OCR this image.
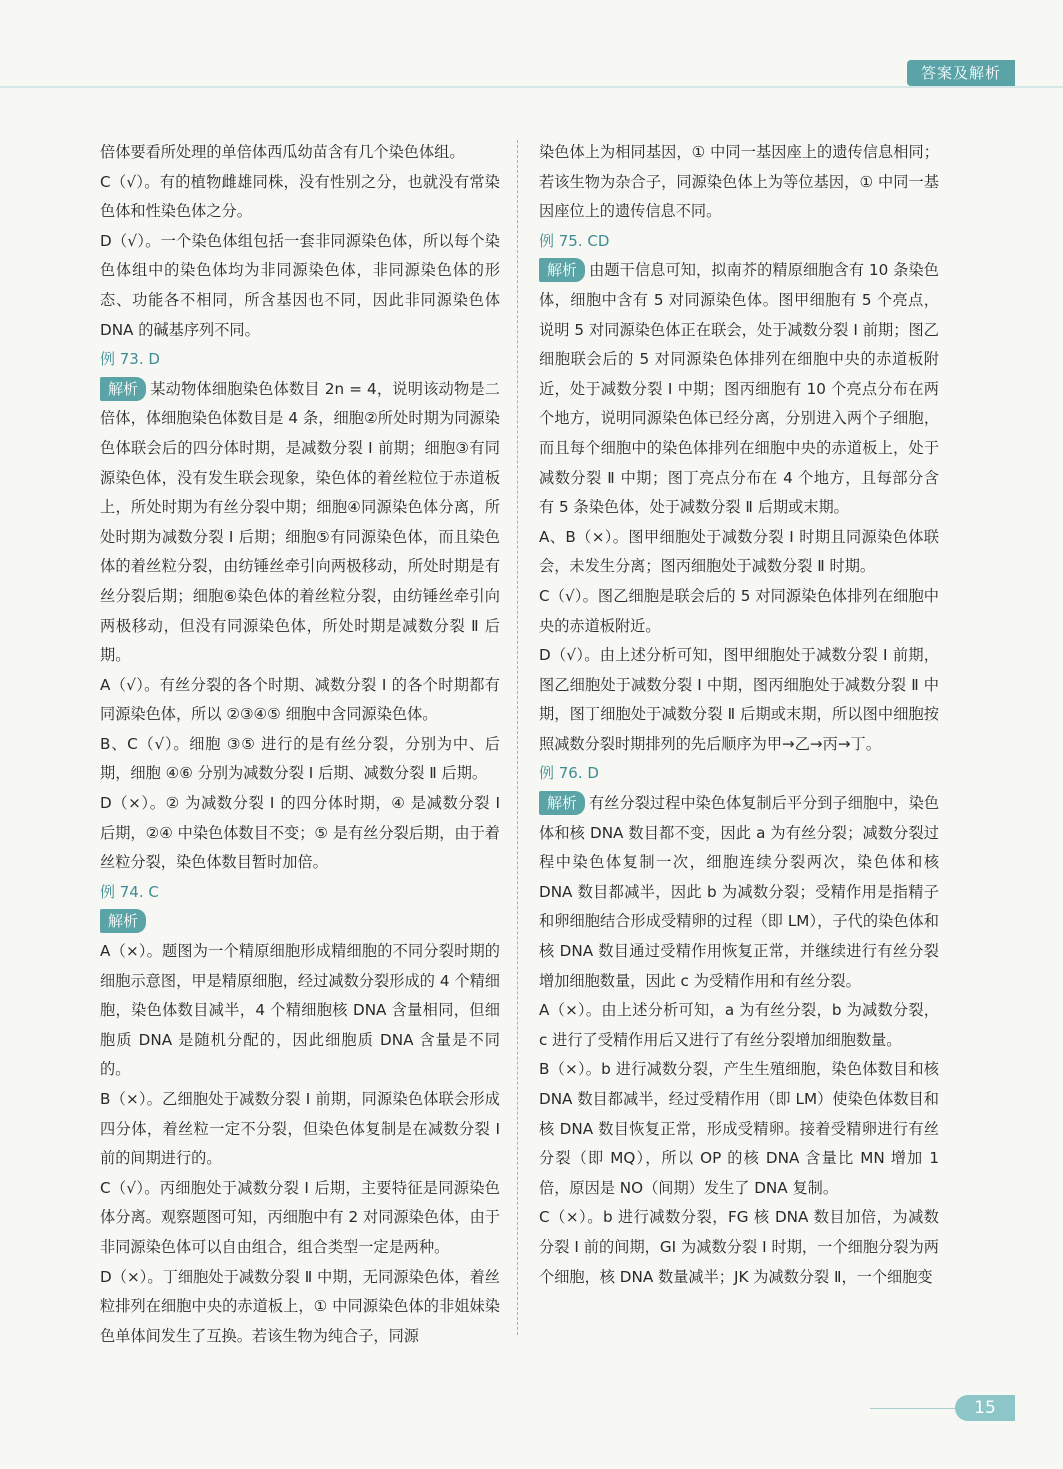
答案及解析

倍体要看所处理的单倍体西瓜幼苗含有几个染色体组。

C（√）。有的植物雌雄同株，没有性别之分，也就没有常染色体和性染色体之分。

D（√）。一个染色体组包括一套非同源染色体，所以每个染色体组中的染色体均为非同源染色体，非同源染色体的形态、功能各不相同，所含基因也不同，因此非同源染色体 DNA 的碱基序列不同。

例 73. D

解析 某动物体细胞染色体数目 2n = 4，说明该动物是二倍体，体细胞染色体数目是 4 条，细胞②所处时期为同源染色体联会后的四分体时期，是减数分裂 Ⅰ 前期；细胞③有同源染色体，没有发生联会现象，染色体的着丝粒位于赤道板上，所处时期为有丝分裂中期；细胞④同源染色体分离，所处时期为减数分裂 Ⅰ 后期；细胞⑤有同源染色体，而且染色体的着丝粒分裂，由纺锤丝牵引向两极移动，所处时期是有丝分裂后期；细胞⑥染色体的着丝粒分裂，由纺锤丝牵引向两极移动，但没有同源染色体，所处时期是减数分裂 Ⅱ 后期。

A（√）。有丝分裂的各个时期、减数分裂 Ⅰ 的各个时期都有同源染色体，所以 ②③④⑤ 细胞中含同源染色体。

B、C（√）。细胞 ③⑤ 进行的是有丝分裂，分别为中、后期，细胞 ④⑥ 分别为减数分裂 Ⅰ 后期、减数分裂 Ⅱ 后期。

D（×）。② 为减数分裂 Ⅰ 的四分体时期，④ 是减数分裂 Ⅰ 后期，②④ 中染色体数目不变；⑤ 是有丝分裂后期，由于着丝粒分裂，染色体数目暂时加倍。

例 74. C

解析

A（×）。题图为一个精原细胞形成精细胞的不同分裂时期的细胞示意图，甲是精原细胞，经过减数分裂形成的 4 个精细胞，染色体数目减半，4 个精细胞核 DNA 含量相同，但细胞质 DNA 是随机分配的，因此细胞质 DNA 含量是不同的。

B（×）。乙细胞处于减数分裂 Ⅰ 前期，同源染色体联会形成四分体，着丝粒一定不分裂，但染色体复制是在减数分裂 Ⅰ 前的间期进行的。

C（√）。丙细胞处于减数分裂 Ⅰ 后期，主要特征是同源染色体分离。观察题图可知，丙细胞中有 2 对同源染色体，由于非同源染色体可以自由组合，组合类型一定是两种。

D（×）。丁细胞处于减数分裂 Ⅱ 中期，无同源染色体，着丝粒排列在细胞中央的赤道板上，① 中同源染色体的非姐妹染色单体间发生了互换。若该生物为纯合子，同源

染色体上为相同基因，① 中同一基因座上的遗传信息相同；若该生物为杂合子，同源染色体上为等位基因，① 中同一基因座位上的遗传信息不同。

例 75. CD

解析 由题干信息可知，拟南芥的精原细胞含有 10 条染色体，细胞中含有 5 对同源染色体。图甲细胞有 5 个亮点，说明 5 对同源染色体正在联会，处于减数分裂 Ⅰ 前期；图乙细胞联会后的 5 对同源染色体排列在细胞中央的赤道板附近，处于减数分裂 Ⅰ 中期；图丙细胞有 10 个亮点分布在两个地方，说明同源染色体已经分离，分别进入两个子细胞，而且每个细胞中的染色体排列在细胞中央的赤道板上，处于减数分裂 Ⅱ 中期；图丁亮点分布在 4 个地方，且每部分含有 5 条染色体，处于减数分裂 Ⅱ 后期或末期。

A、B（×）。图甲细胞处于减数分裂 Ⅰ 时期且同源染色体联会，未发生分离；图丙细胞处于减数分裂 Ⅱ 时期。

C（√）。图乙细胞是联会后的 5 对同源染色体排列在细胞中央的赤道板附近。

D（√）。由上述分析可知，图甲细胞处于减数分裂 Ⅰ 前期，图乙细胞处于减数分裂 Ⅰ 中期，图丙细胞处于减数分裂 Ⅱ 中期，图丁细胞处于减数分裂 Ⅱ 后期或末期，所以图中细胞按照减数分裂时期排列的先后顺序为甲→乙→丙→丁。

例 76. D

解析 有丝分裂过程中染色体复制后平分到子细胞中，染色体和核 DNA 数目都不变，因此 a 为有丝分裂；减数分裂过程中染色体复制一次，细胞连续分裂两次，染色体和核 DNA 数目都减半，因此 b 为减数分裂；受精作用是指精子和卵细胞结合形成受精卵的过程（即 LM），子代的染色体和核 DNA 数目通过受精作用恢复正常，并继续进行有丝分裂增加细胞数量，因此 c 为受精作用和有丝分裂。

A（×）。由上述分析可知，a 为有丝分裂，b 为减数分裂，c 进行了受精作用后又进行了有丝分裂增加细胞数量。

B（×）。b 进行减数分裂，产生生殖细胞，染色体数目和核 DNA 数目都减半，经过受精作用（即 LM）使染色体数目和核 DNA 数目恢复正常，形成受精卵。接着受精卵进行有丝分裂（即 MQ），所以 OP 的核 DNA 含量比 MN 增加 1 倍，原因是 NO（间期）发生了 DNA 复制。

C（×）。b 进行减数分裂，FG 核 DNA 数目加倍，为减数分裂 Ⅰ 前的间期，GI 为减数分裂 Ⅰ 时期，一个细胞分裂为两个细胞，核 DNA 数量减半；JK 为减数分裂 Ⅱ，一个细胞变

15
